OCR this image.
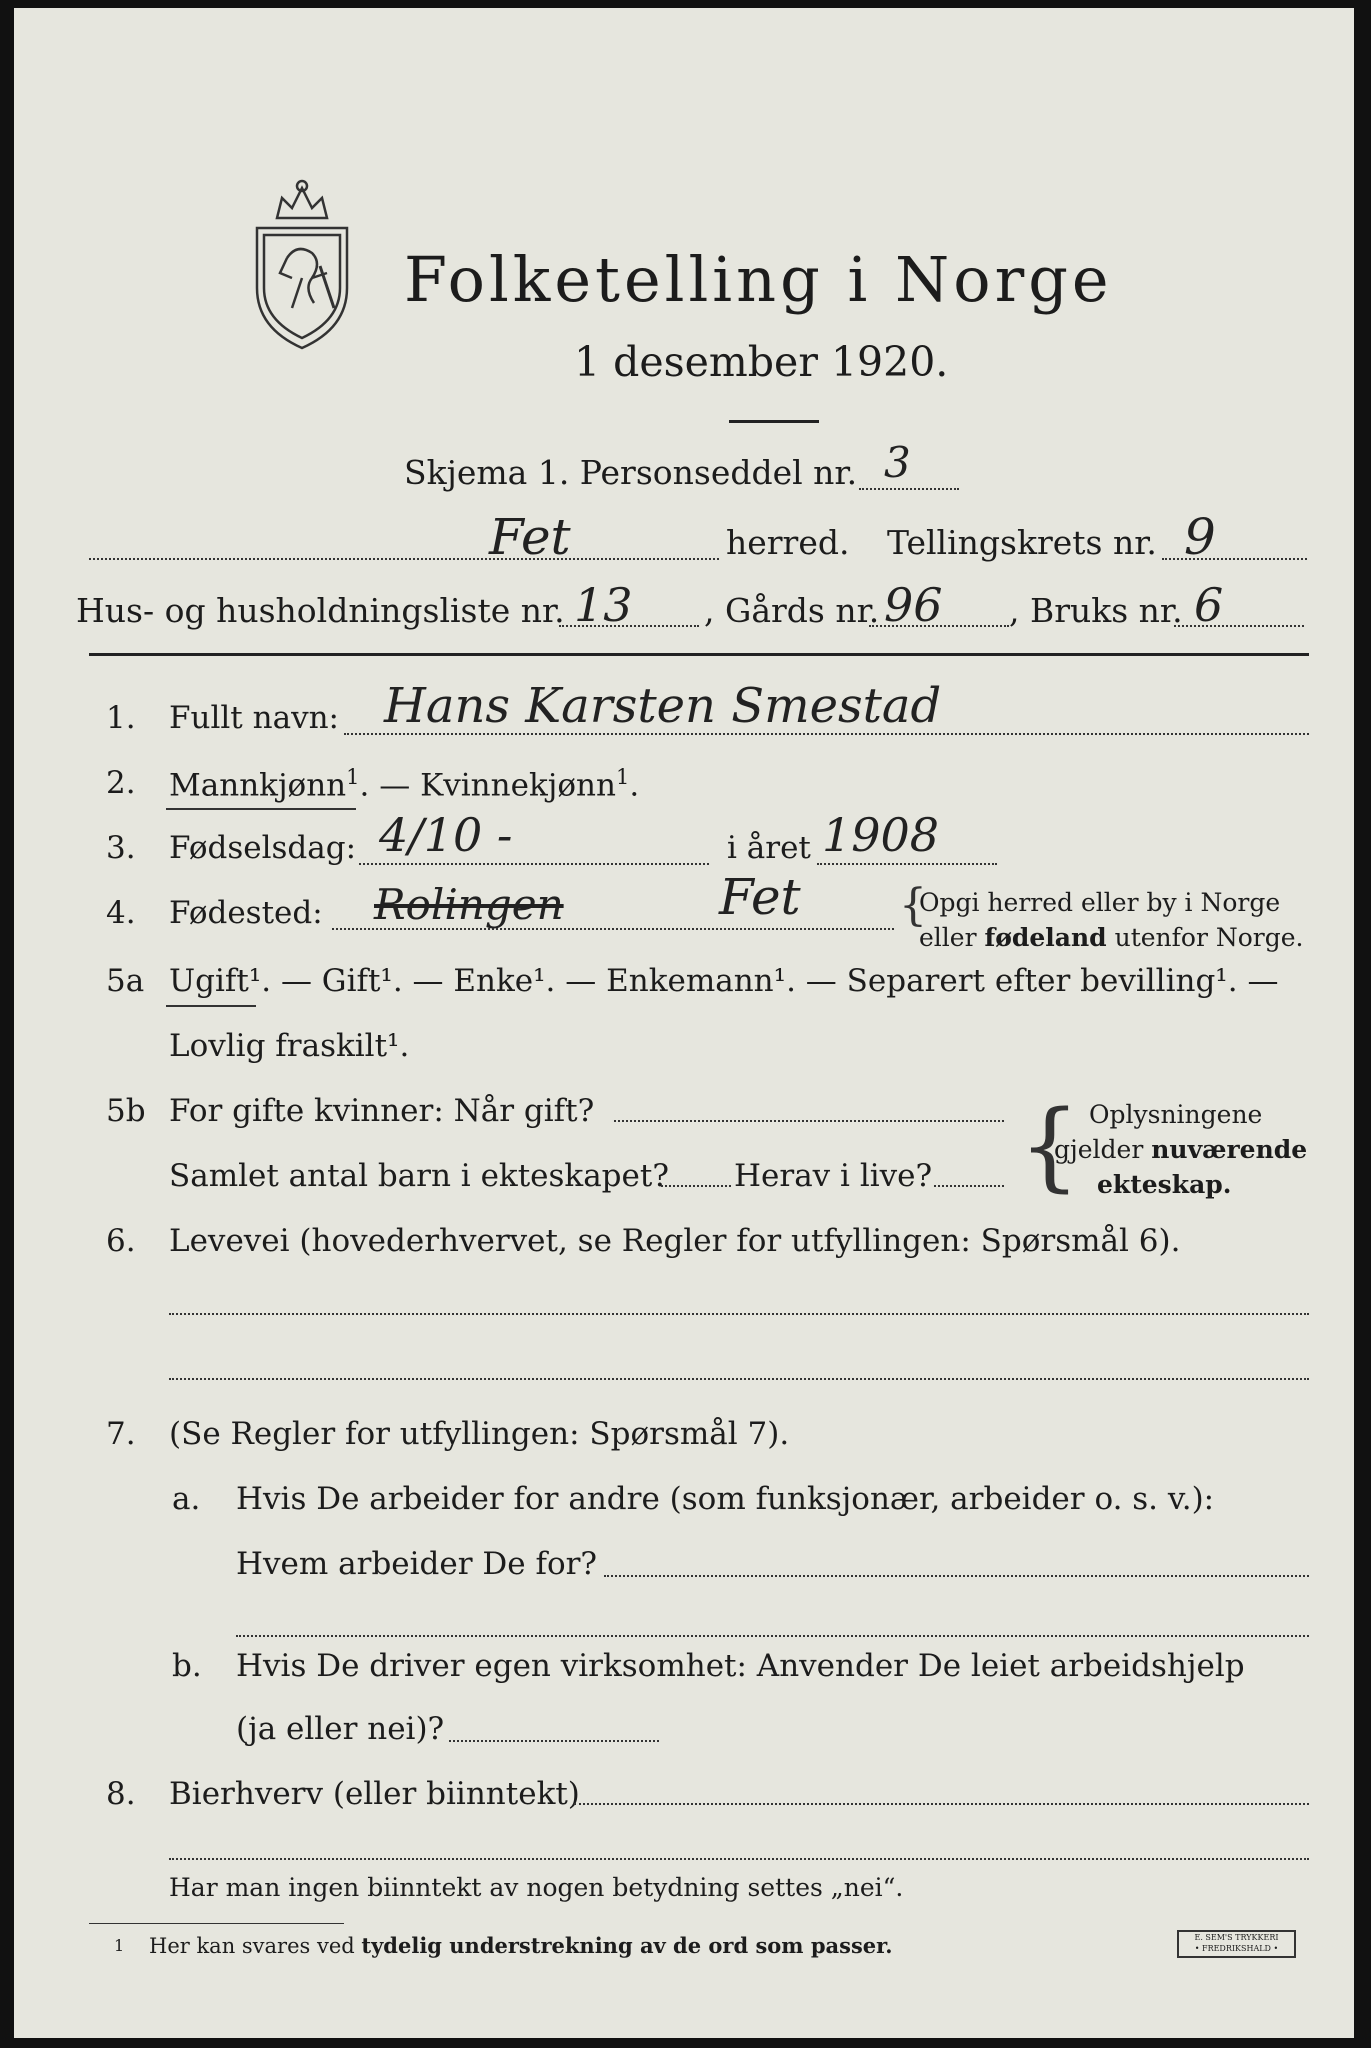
Folketelling i Norge
1 desember 1920.
Skjema 1. Personseddel nr. 3
Fet	herred. Tellingskrets nr. 9
Hus- og husholdningsliste nr. 13 , Gårds nr. 96 , Bruks nr. 6
1. Fullt navn: Hans Karsten Smestad
2. Mannkjønn$^1$. — Kvinnekjønn$^1$.
3. Fødselsdag: 4/10 -	i året 1908
4. Fødested: Rolingen	Fet {
Opgi herred eller by i Norge
eller fødeland utenfor Norge.
5a Ugift¹. — Gift¹. — Enke¹. — Enkemann¹. — Separert efter bevilling¹. —
Lovlig fraskilt¹.
5b For gifte kvinner: Når gift?
Samlet antal barn i ekteskapet? Herav i live? { Oplysningene
gjelder nuværende
ekteskap.
6. Levevei (hovederhvervet, se Regler for utfyllingen: Spørsmål 6).
7. (Se Regler for utfyllingen: Spørsmål 7).
a. Hvis De arbeider for andre (som funksjonær, arbeider o. s. v.):
Hvem arbeider De for?
b. Hvis De driver egen virksomhet: Anvender De leiet arbeidshjelp
(ja eller nei)?
8. Bierhverv (eller biinntekt)
Har man ingen biinntekt av nogen betydning settes „nei“.
1 Her kan svares ved tydelig understrekning av de ord som passer.	E. SEM'S TRYKKERI
• FREDRIKSHALD •
